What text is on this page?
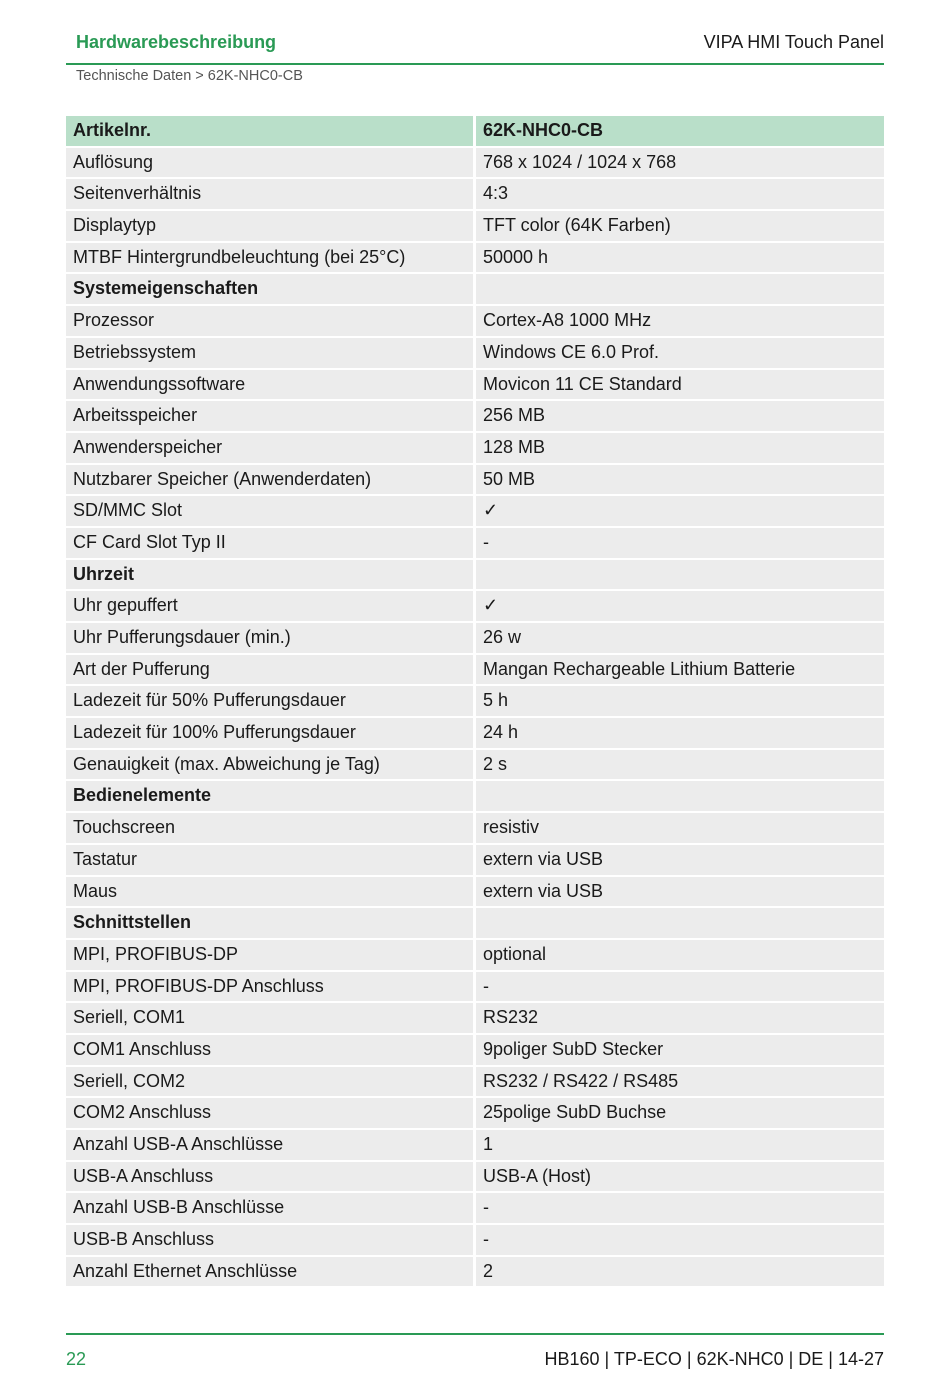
Hardwarebeschreibung	VIPA HMI Touch Panel
Technische Daten > 62K-NHC0-CB
Artikelnr.	62K-NHC0-CB
Auflösung	768 x 1024 / 1024 x 768
Seitenverhältnis	4:3
Displaytyp	TFT color (64K Farben)
MTBF Hintergrundbeleuchtung (bei 25°C)	50000 h
Systemeigenschaften
Prozessor	Cortex-A8 1000 MHz
Betriebssystem	Windows CE 6.0 Prof.
Anwendungssoftware	Movicon 11 CE Standard
Arbeitsspeicher	256 MB
Anwenderspeicher	128 MB
Nutzbarer Speicher (Anwenderdaten)	50 MB
SD/MMC Slot	✓
CF Card Slot Typ II	-
Uhrzeit
Uhr gepuffert	✓
Uhr Pufferungsdauer (min.)	26 w
Art der Pufferung	Mangan Rechargeable Lithium Batterie
Ladezeit für 50% Pufferungsdauer	5 h
Ladezeit für 100% Pufferungsdauer	24 h
Genauigkeit (max. Abweichung je Tag)	2 s
Bedienelemente
Touchscreen	resistiv
Tastatur	extern via USB
Maus	extern via USB
Schnittstellen
MPI, PROFIBUS-DP	optional
MPI, PROFIBUS-DP Anschluss	-
Seriell, COM1	RS232
COM1 Anschluss	9poliger SubD Stecker
Seriell, COM2	RS232 / RS422 / RS485
COM2 Anschluss	25polige SubD Buchse
Anzahl USB-A Anschlüsse	1
USB-A Anschluss	USB-A (Host)
Anzahl USB-B Anschlüsse	-
USB-B Anschluss	-
Anzahl Ethernet Anschlüsse	2
22	HB160 | TP-ECO | 62K-NHC0 | DE | 14-27
